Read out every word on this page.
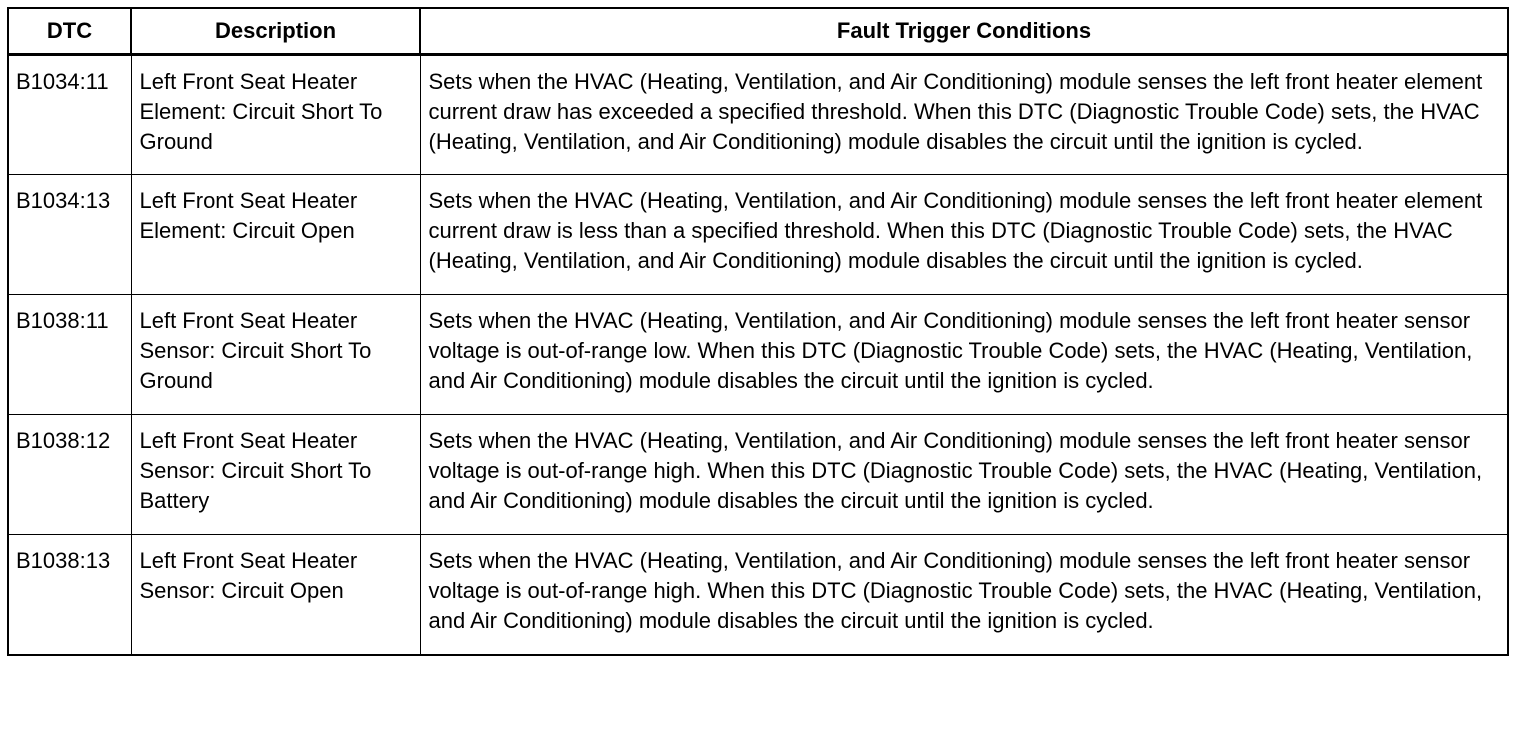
DTC	Description	Fault Trigger Conditions
B1034:11	Left Front Seat Heater Element: Circuit Short To Ground	Sets when the HVAC (Heating, Ventilation, and Air Conditioning) module senses the left front heater element current draw has exceeded a specified threshold. When this DTC (Diagnostic Trouble Code) sets, the HVAC (Heating, Ventilation, and Air Conditioning) module disables the circuit until the ignition is cycled.
B1034:13	Left Front Seat Heater Element: Circuit Open	Sets when the HVAC (Heating, Ventilation, and Air Conditioning) module senses the left front heater element current draw is less than a specified threshold. When this DTC (Diagnostic Trouble Code) sets, the HVAC (Heating, Ventilation, and Air Conditioning) module disables the circuit until the ignition is cycled.
B1038:11	Left Front Seat Heater Sensor: Circuit Short To Ground	Sets when the HVAC (Heating, Ventilation, and Air Conditioning) module senses the left front heater sensor voltage is out-of-range low. When this DTC (Diagnostic Trouble Code) sets, the HVAC (Heating, Ventilation, and Air Conditioning) module disables the circuit until the ignition is cycled.
B1038:12	Left Front Seat Heater Sensor: Circuit Short To Battery	Sets when the HVAC (Heating, Ventilation, and Air Conditioning) module senses the left front heater sensor voltage is out-of-range high. When this DTC (Diagnostic Trouble Code) sets, the HVAC (Heating, Ventilation, and Air Conditioning) module disables the circuit until the ignition is cycled.
B1038:13	Left Front Seat Heater Sensor: Circuit Open	Sets when the HVAC (Heating, Ventilation, and Air Conditioning) module senses the left front heater sensor voltage is out-of-range high. When this DTC (Diagnostic Trouble Code) sets, the HVAC (Heating, Ventilation, and Air Conditioning) module disables the circuit until the ignition is cycled.
